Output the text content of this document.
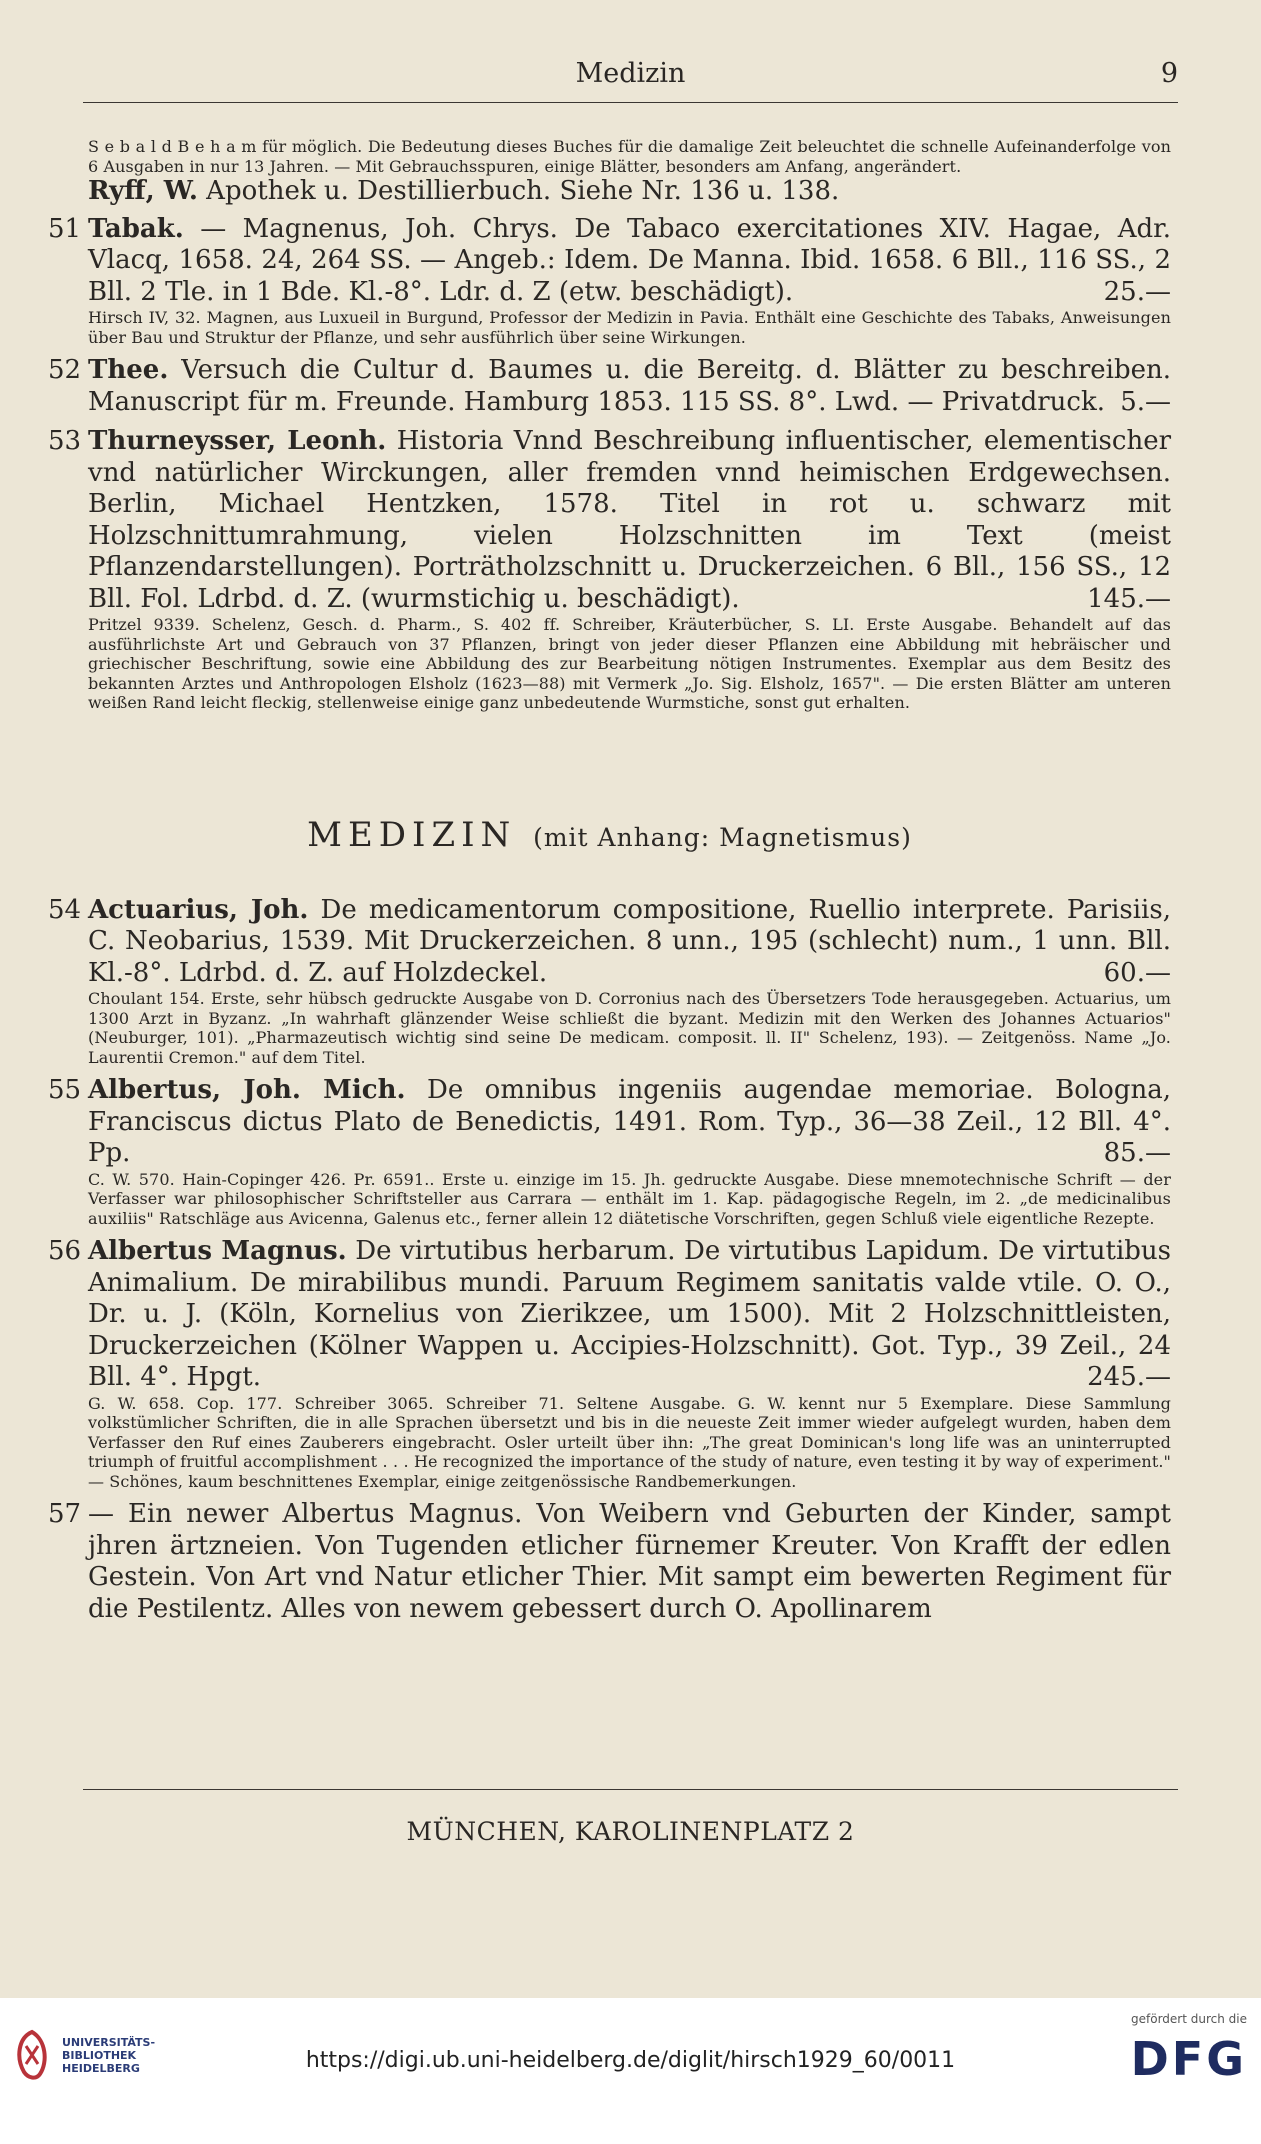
Medizin	9
S e b a l d B e h a m für möglich. Die Bedeutung dieses Buches für die damalige Zeit beleuchtet die schnelle Aufeinanderfolge von 6 Ausgaben in nur 13 Jahren. — Mit Gebrauchsspuren, einige Blätter, besonders am Anfang, angerändert.
Ryff, W. Apothek u. Destillierbuch. Siehe Nr. 136 u. 138.
51 Tabak. — Magnenus, Joh. Chrys. De Tabaco exercitationes XIV. Hagae, Adr. Vlacq, 1658. 24, 264 SS. — Angeb.: Idem. De Manna. Ibid. 1658. 6 Bll., 116 SS., 2 Bll. 2 Tle. in 1 Bde. Kl.-8°. Ldr. d. Z (etw. beschädigt).	25.—
Hirsch IV, 32. Magnen, aus Luxueil in Burgund, Professor der Medizin in Pavia. Enthält eine Geschichte des Tabaks, Anweisungen über Bau und Struktur der Pflanze, und sehr ausführlich über seine Wirkungen.
52 Thee. Versuch die Cultur d. Baumes u. die Bereitg. d. Blätter zu beschreiben. Manuscript für m. Freunde. Hamburg 1853. 115 SS. 8°. Lwd. — Privatdruck. 5.—
53 Thurneysser, Leonh. Historia Vnnd Beschreibung influentischer, elementischer vnd natürlicher Wirckungen, aller fremden vnnd heimischen Erdgewechsen. Berlin, Michael Hentzken, 1578. Titel in rot u. schwarz mit Holzschnittumrahmung, vielen Holzschnitten im Text (meist Pflanzendarstellungen). Porträtholzschnitt u. Druckerzeichen. 6 Bll., 156 SS., 12 Bll. Fol. Ldrbd. d. Z. (wurmstichig u. beschädigt).	145.—
Pritzel 9339. Schelenz, Gesch. d. Pharm., S. 402 ff. Schreiber, Kräuterbücher, S. LI. Erste Ausgabe. Behandelt auf das ausführlichste Art und Gebrauch von 37 Pflanzen, bringt von jeder dieser Pflanzen eine Abbildung mit hebräischer und griechischer Beschriftung, sowie eine Abbildung des zur Bearbeitung nötigen Instrumentes. Exemplar aus dem Besitz des bekannten Arztes und Anthropologen Elsholz (1623—88) mit Vermerk „Jo. Sig. Elsholz, 1657". — Die ersten Blätter am unteren weißen Rand leicht fleckig, stellenweise einige ganz unbedeutende Wurmstiche, sonst gut erhalten.
MEDIZIN (mit Anhang: Magnetismus)
54 Actuarius, Joh. De medicamentorum compositione, Ruellio interprete. Parisiis, C. Neobarius, 1539. Mit Druckerzeichen. 8 unn., 195 (schlecht) num., 1 unn. Bll. Kl.-8°. Ldrbd. d. Z. auf Holzdeckel.	60.—
Choulant 154. Erste, sehr hübsch gedruckte Ausgabe von D. Corronius nach des Übersetzers Tode herausgegeben. Actuarius, um 1300 Arzt in Byzanz. „In wahrhaft glänzender Weise schließt die byzant. Medizin mit den Werken des Johannes Actuarios" (Neuburger, 101). „Pharmazeutisch wichtig sind seine De medicam. composit. ll. II" Schelenz, 193). — Zeitgenöss. Name „Jo. Laurentii Cremon." auf dem Titel.
55 Albertus, Joh. Mich. De omnibus ingeniis augendae memoriae. Bologna, Franciscus dictus Plato de Benedictis, 1491. Rom. Typ., 36—38 Zeil., 12 Bll. 4°. Pp.	85.—
C. W. 570. Hain-Copinger 426. Pr. 6591.. Erste u. einzige im 15. Jh. gedruckte Ausgabe. Diese mnemotechnische Schrift — der Verfasser war philosophischer Schriftsteller aus Carrara — enthält im 1. Kap. pädagogische Regeln, im 2. „de medicinalibus auxiliis" Ratschläge aus Avicenna, Galenus etc., ferner allein 12 diätetische Vorschriften, gegen Schluß viele eigentliche Rezepte.
56 Albertus Magnus. De virtutibus herbarum. De virtutibus Lapidum. De virtutibus Animalium. De mirabilibus mundi. Paruum Regimem sanitatis valde vtile. O. O., Dr. u. J. (Köln, Kornelius von Zierikzee, um 1500). Mit 2 Holzschnittleisten, Druckerzeichen (Kölner Wappen u. Accipies-Holzschnitt). Got. Typ., 39 Zeil., 24 Bll. 4°. Hpgt.	245.—
G. W. 658. Cop. 177. Schreiber 3065. Schreiber 71. Seltene Ausgabe. G. W. kennt nur 5 Exemplare. Diese Sammlung volkstümlicher Schriften, die in alle Sprachen übersetzt und bis in die neueste Zeit immer wieder aufgelegt wurden, haben dem Verfasser den Ruf eines Zauberers eingebracht. Osler urteilt über ihn: „The great Dominican's long life was an uninterrupted triumph of fruitful accomplishment . . . He recognized the importance of the study of nature, even testing it by way of experiment." — Schönes, kaum beschnittenes Exemplar, einige zeitgenössische Randbemerkungen.
57 — Ein newer Albertus Magnus. Von Weibern vnd Geburten der Kinder, sampt jhren ärtzneien. Von Tugenden etlicher fürnemer Kreuter. Von Krafft der edlen Gestein. Von Art vnd Natur etlicher Thier. Mit sampt eim bewerten Regiment für die Pestilentz. Alles von newem gebessert durch O. Apollinarem
MÜNCHEN, KAROLINENPLATZ 2
UNIVERSITÄTS-
BIBLIOTHEK
HEIDELBERG	https://digi.ub.uni-heidelberg.de/diglit/hirsch1929_60/0011
gefördert durch die
DFG
